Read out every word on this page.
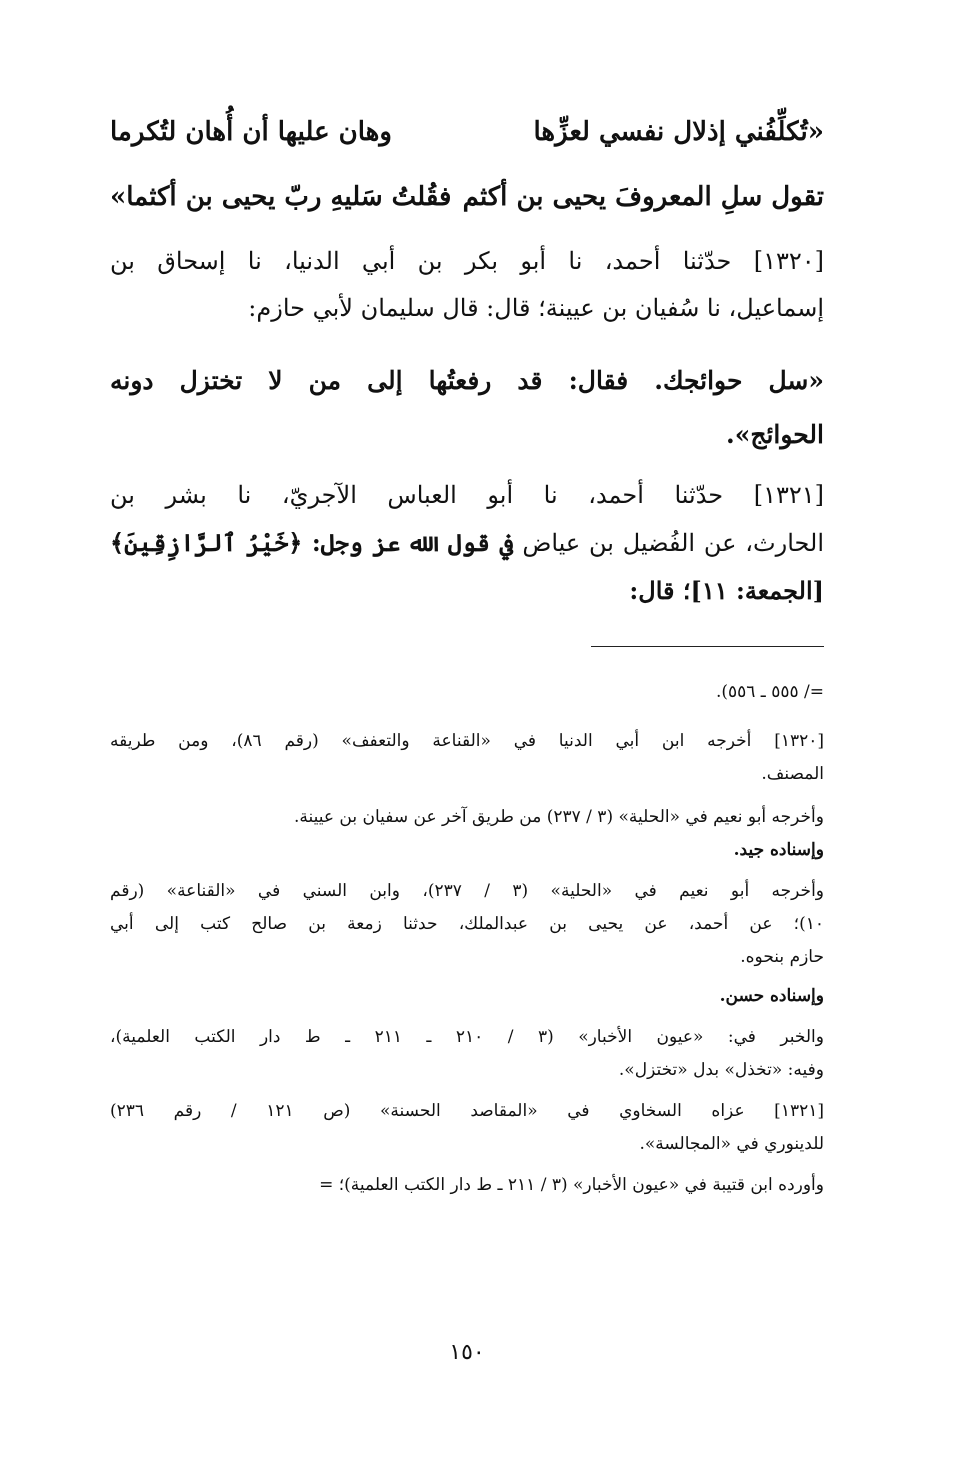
«تُكلِّفُني إذلال نفسي لعزِّها
وهان عليها أن أُهان لتُكرما
تقول سلِ المعروفَ يحيى بن أكثم
فقُلتُ سَليهِ ربّ يحيى بن أكثما»
[١٣٢٠] حدّثنا أحمد، نا أبو بكر بن أبي الدنيا، نا إسحاق بن
إسماعيل، نا سُفيان بن عيينة؛ قال: قال سليمان لأبي حازم:
«سل حوائجك. فقال: قد رفعتُها إلى من لا تختزل دونه
الحوائج».
[١٣٢١] حدّثنا أحمد، نا أبو العباس الآجريّ، نا بشر بن
الحارث، عن الفُضيل بن عياض في قول الله عز وجل: ﴿خَيْرُ ٱلرَّازِقِينَ﴾
[الجمعة: ١١]؛ قال:
=/ ٥٥٥ ـ ٥٥٦).
[١٣٢٠] أخرجه ابن أبي الدنيا في «القناعة والتعفف» (رقم ٨٦)، ومن طريقه
المصنف.
وأخرجه أبو نعيم في «الحلية» (٣ / ٢٣٧) من طريق آخر عن سفيان بن عيينة.
وإسناده جيد.
وأخرجه أبو نعيم في «الحلية» (٣ / ٢٣٧)، وابن السني في «القناعة» (رقم
١٠)؛ عن أحمد، عن يحيى بن عبدالملك، حدثنا زمعة بن صالح كتب إلى أبي
حازم بنحوه.
وإسناده حسن.
والخبر في: «عيون الأخبار» (٣ / ٢١٠ ـ ٢١١ ـ ط دار الكتب العلمية)،
وفيه: «تخذل» بدل «تختزل».
[١٣٢١] عزاه السخاوي في «المقاصد الحسنة» (ص ١٢١ / رقم ٢٣٦)
للدينوري في «المجالسة».
وأورده ابن قتيبة في «عيون الأخبار» (٣ / ٢١١ ـ ط دار الكتب العلمية)؛ =
١٥٠
